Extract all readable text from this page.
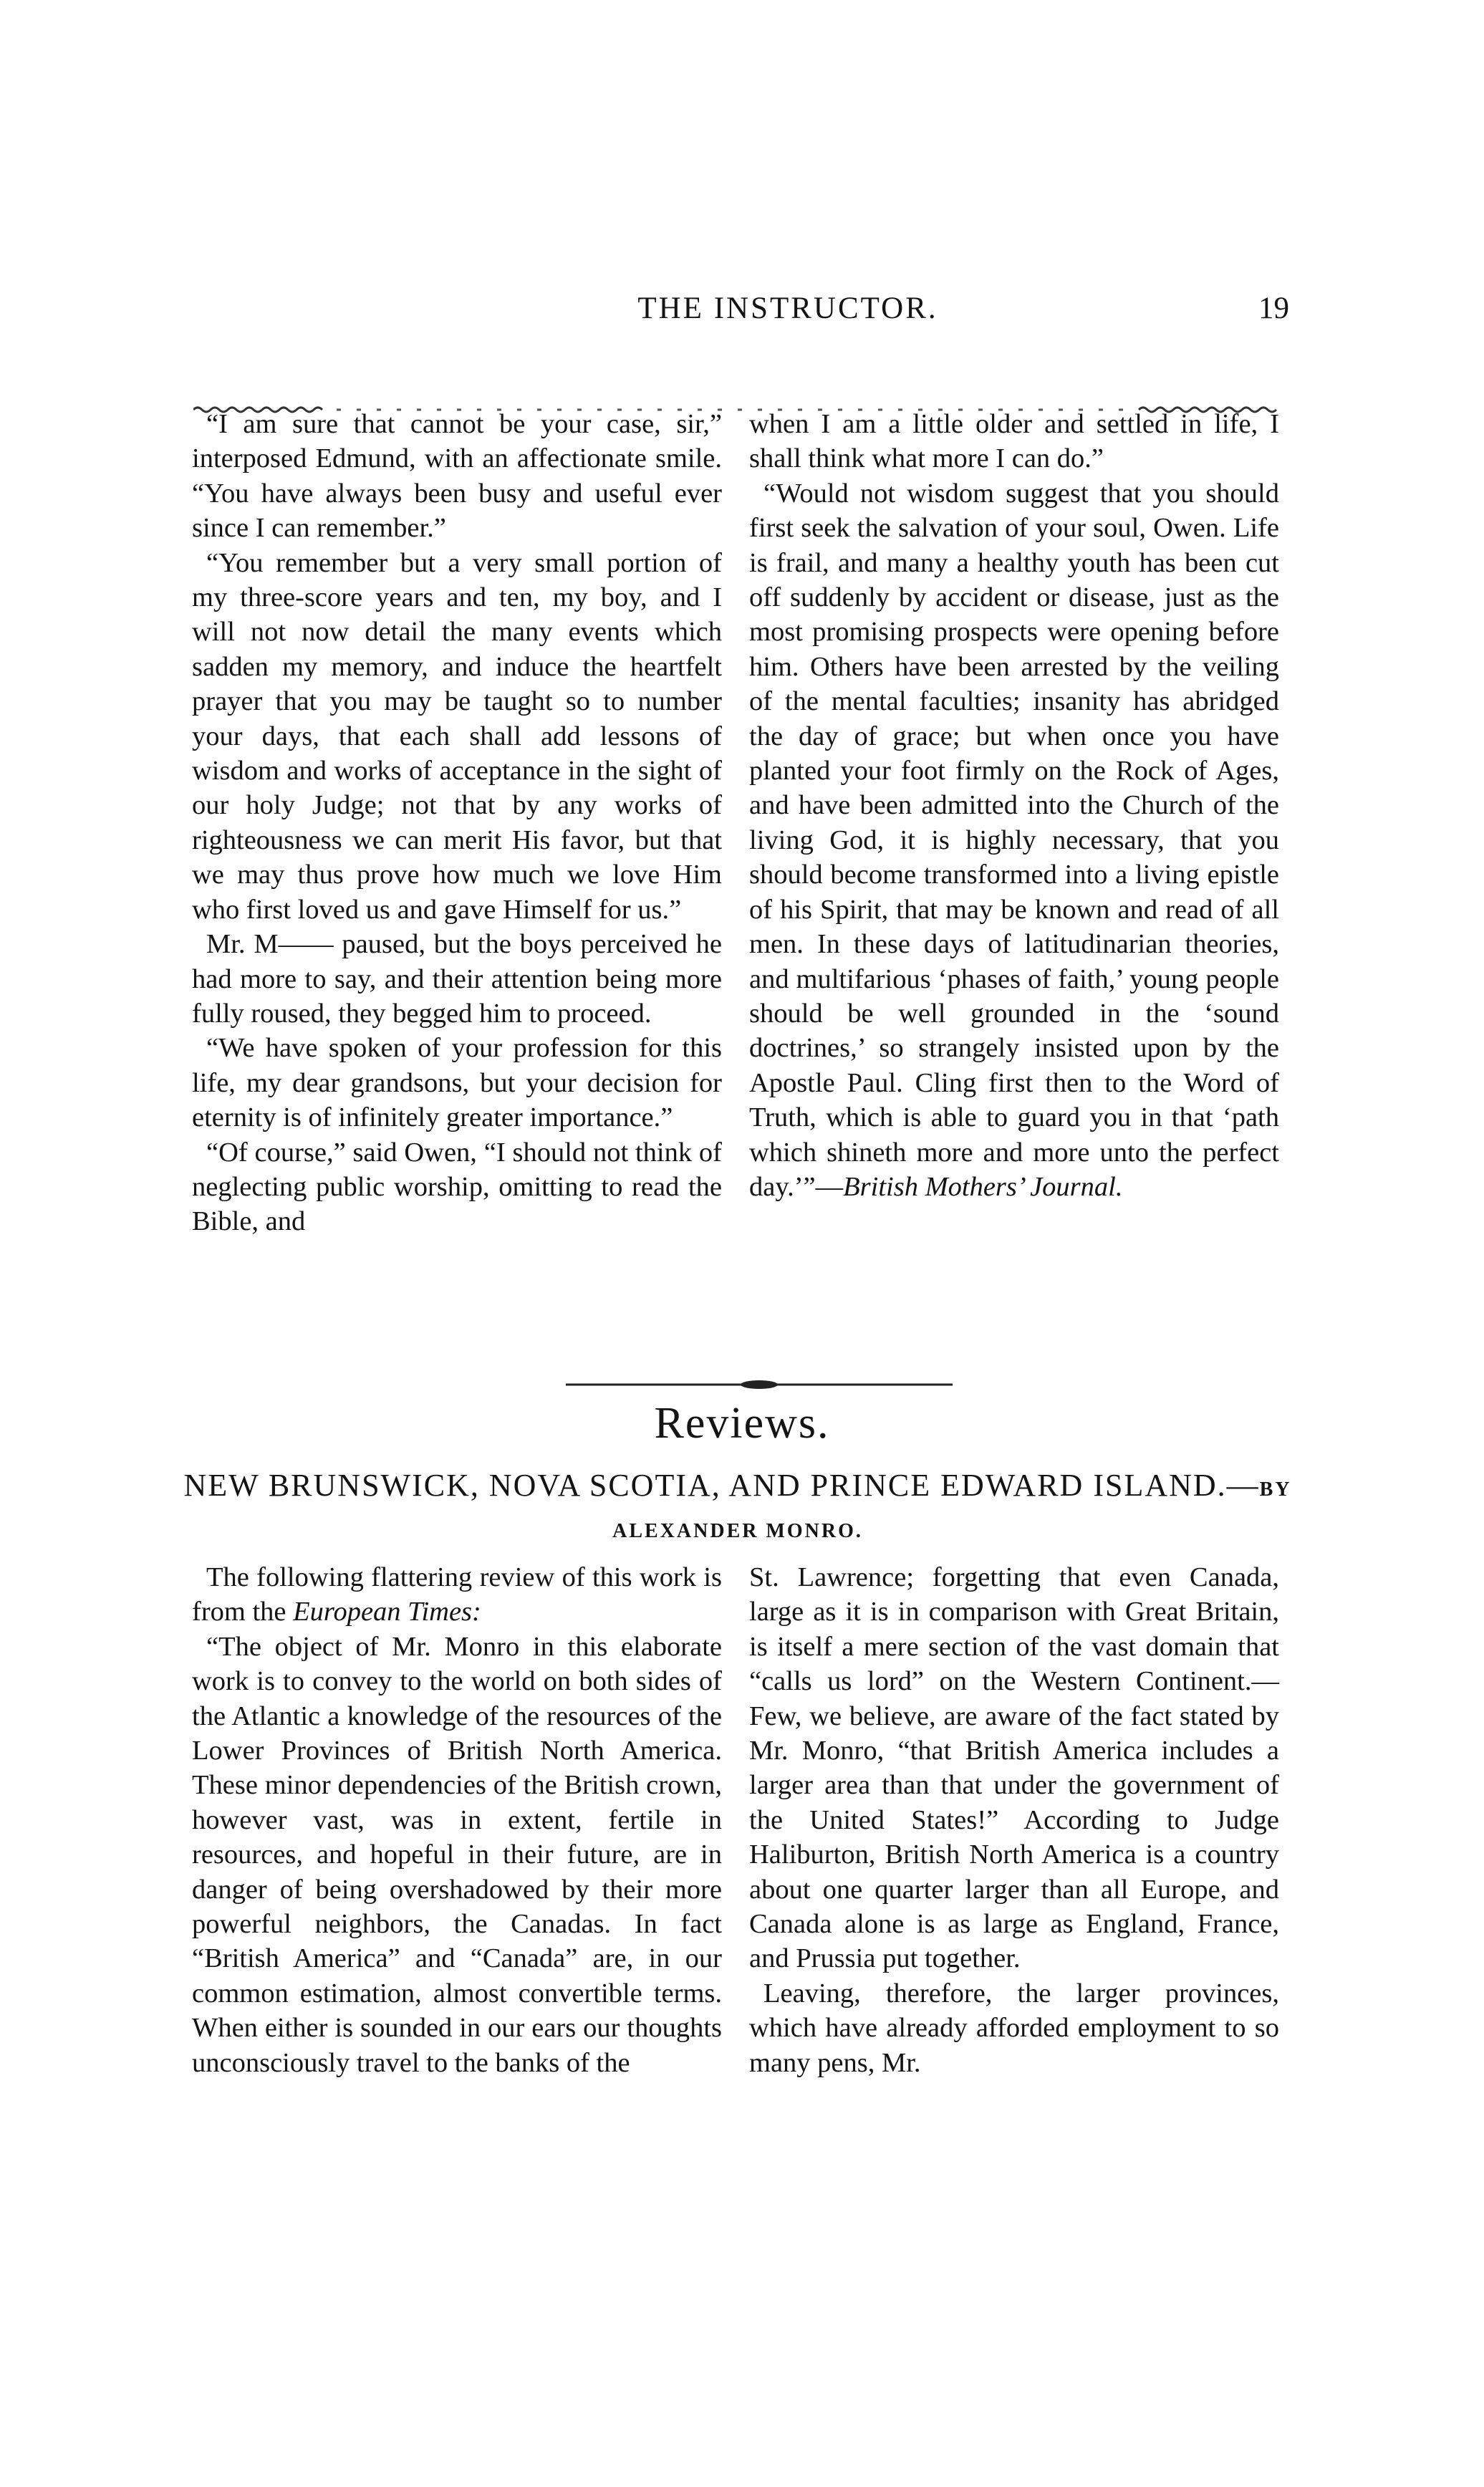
THE INSTRUCTOR.	19

“I am sure that cannot be your case, sir,” interposed Edmund, with an affectionate smile. “You have always been busy and useful ever since I can remember.”

“You remember but a very small portion of my three-score years and ten, my boy, and I will not now detail the many events which sadden my memory, and induce the heartfelt prayer that you may be taught so to number your days, that each shall add lessons of wisdom and works of acceptance in the sight of our holy Judge; not that by any works of righteousness we can merit His favor, but that we may thus prove how much we love Him who first loved us and gave Himself for us.”

Mr. M—— paused, but the boys perceived he had more to say, and their attention being more fully roused, they begged him to proceed.

“We have spoken of your profession for this life, my dear grandsons, but your decision for eternity is of infinitely greater importance.”

“Of course,” said Owen, “I should not think of neglecting public worship, omitting to read the Bible, and

when I am a little older and settled in life, I shall think what more I can do.”

“Would not wisdom suggest that you should first seek the salvation of your soul, Owen. Life is frail, and many a healthy youth has been cut off suddenly by accident or disease, just as the most promising prospects were opening before him. Others have been arrested by the veiling of the mental faculties; insanity has abridged the day of grace; but when once you have planted your foot firmly on the Rock of Ages, and have been admitted into the Church of the living God, it is highly necessary, that you should become transformed into a living epistle of his Spirit, that may be known and read of all men. In these days of latitudinarian theories, and multifarious ‘phases of faith,’ young people should be well grounded in the ‘sound doctrines,’ so strangely insisted upon by the Apostle Paul. Cling first then to the Word of Truth, which is able to guard you in that ‘path which shineth more and more unto the perfect day.’”—British Mothers’ Journal.

Reviews.
NEW BRUNSWICK, NOVA SCOTIA, AND PRINCE EDWARD ISLAND.—BY ALEXANDER MONRO.

The following flattering review of this work is from the European Times:

“The object of Mr. Monro in this elaborate work is to convey to the world on both sides of the Atlantic a knowledge of the resources of the Lower Provinces of British North America. These minor dependencies of the British crown, however vast, was in extent, fertile in resources, and hopeful in their future, are in danger of being overshadowed by their more powerful neighbors, the Canadas. In fact “British America” and “Canada” are, in our common estimation, almost convertible terms. When either is sounded in our ears our thoughts unconsciously travel to the banks of the

St. Lawrence; forgetting that even Canada, large as it is in comparison with Great Britain, is itself a mere section of the vast domain that “calls us lord” on the Western Continent.—Few, we believe, are aware of the fact stated by Mr. Monro, “that British America includes a larger area than that under the government of the United States!” According to Judge Haliburton, British North America is a country about one quarter larger than all Europe, and Canada alone is as large as England, France, and Prussia put together.

Leaving, therefore, the larger provinces, which have already afforded employment to so many pens, Mr.
